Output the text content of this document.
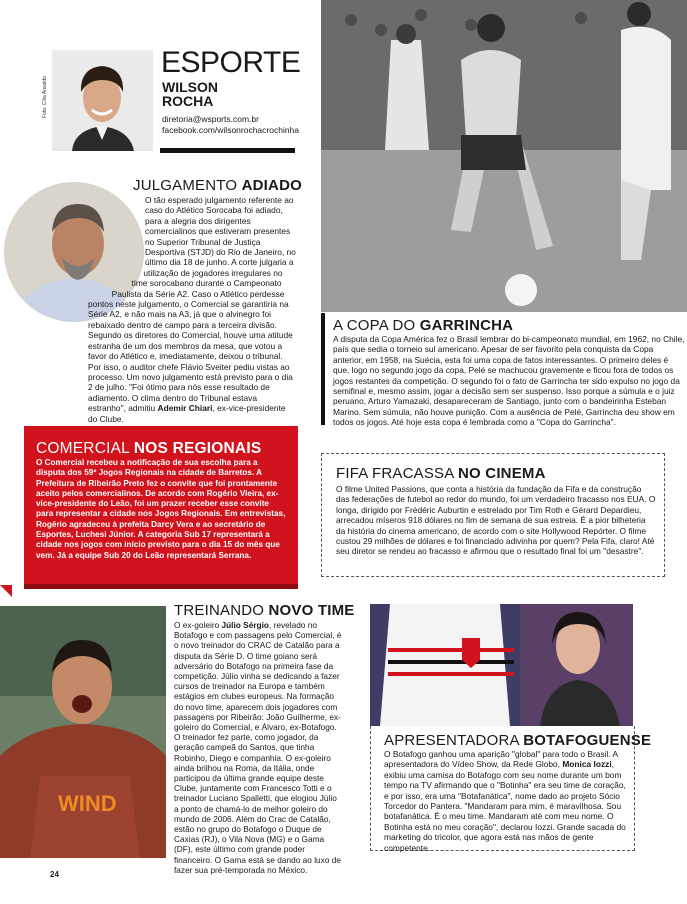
Foto: Cília Ansaldo
ESPORTE
WILSON
ROCHA
diretoria@wsports.com.br
facebook.com/wilsonrochacrochinha
JULGAMENTO ADIADO
O tão esperado julgamento referente ao caso do Atlético Sorocaba foi adiado, para a alegria dos dirigentes comercialinos que estiveram presentes no Superior Tribunal de Justiça Desportiva (STJD) do Rio de Janeiro, no último dia 18 de junho. A corte julgaria a utilização de jogadores irregulares no time sorocabano durante o Campeonato Paulista da Série A2. Caso o Atlético perdesse pontos neste julgamento, o Comercial se garantiria na Série A2, e não mais na A3, já que o alvinegro foi rebaixado dentro de campo para a terceira divisão. Segundo os diretores do Comercial, houve uma atitude estranha de um dos membros da mesa, que votou a favor do Atlético e, imediatamente, deixou o tribunal. Por isso, o auditor chefe Flávio Sveiter pediu vistas ao processo. Um novo julgamento está previsto para o dia 2 de julho. "Foi ótimo para nós esse resultado de adiamento. O clima dentro do Tribunal estava estranho", admitiu Ademir Chiari, ex-vice-presidente do Clube.
A COPA DO GARRINCHA
A disputa da Copa América fez o Brasil lembrar do bi-campeonato mundial, em 1962, no Chile, país que sedia o torneio sul americano. Apesar de ser favorito pela conquista da Copa anterior, em 1958, na Suécia, esta foi uma copa de fatos interessantes. O primeiro deles é que, logo no segundo jogo da copa, Pelé se machucou gravemente e ficou fora de todos os jogos restantes da competição. O segundo foi o fato de Garrincha ter sido expulso no jogo da semifinal e, mesmo assim, jogar a decisão sem ser suspenso. Isso porque a súmula e o juiz peruano, Arturo Yamazaki, desapareceram de Santiago, junto com o bandeirinha Esteban Marino. Sem súmula, não houve punição. Com a ausência de Pelé, Garrincha deu show em todos os jogos. Até hoje esta copa é lembrada como a "Copa do Garrincha".
COMERCIAL NOS REGIONAIS
O Comercial recebeu a notificação de sua escolha para a disputa dos 59º Jogos Regionais na cidade de Barretos. A Prefeitura de Ribeirão Preto fez o convite que foi prontamente aceito pelos comercialinos. De acordo com Rogério Vieira, ex-vice-presidente do Leão, foi um prazer receber esse convite para representar a cidade nos Jogos Regionais. Em entrevistas, Rogério agradeceu à prefeita Darcy Vera e ao secretário de Esportes, Luchesi Júnior. A categoria Sub 17 representará a cidade nos jogos com início previsto para o dia 15 do mês que vem. Já a equipe Sub 20 do Leão representará Serrana.
FIFA FRACASSA NO CINEMA
O filme United Passions, que conta a história da fundação da Fifa e da construção das federações de futebol ao redor do mundo, foi um verdadeiro fracasso nos EUA. O longa, dirigido por Frédéric Auburtin e estrelado por Tim Roth e Gérard Depardieu, arrecadou míseros 918 dólares no fim de semana de sua estreia. É a pior bilheteria da história do cinema americano, de acordo com o site Hollywood Repórter. O filme custou 29 milhões de dólares e foi financiado adivinha por quem? Pela Fifa, claro! Até seu diretor se rendeu ao fracasso e afirmou que o resultado final foi um "desastre".
WIND
TREINANDO NOVO TIME
O ex-goleiro Júlio Sérgio, revelado no Botafogo e com passagens pelo Comercial, é o novo treinador do CRAC de Catalão para a disputa da Série D. O time goiano será adversário do Botafogo na primeira fase da competição. Júlio vinha se dedicando a fazer cursos de treinador na Europa e também estágios em clubes europeus. Na formação do novo time, aparecem dois jogadores com passagens por Ribeirão: João Guilherme, ex-goleiro do Comercial, e Álvaro, ex-Botafogo. O treinador fez parte, como jogador, da geração campeã do Santos, que tinha Robinho, Diego e companhia. O ex-goleiro ainda brilhou na Roma, da Itália, onde participou da última grande equipe deste Clube, juntamente com Francesco Totti e o treinador Luciano Spalletti, que elogiou Júlio a ponto de chamá-lo de melhor goleiro do mundo de 2006. Além do Crac de Catalão, estão no grupo do Botafogo o Duque de Caxias (RJ), o Vila Nova (MG) e o Gama (DF), este último com grande poder financeiro. O Gama está se dando ao luxo de fazer sua pré-temporada no México.
APRESENTADORA BOTAFOGUENSE
O Botafogo ganhou uma aparição "global" para todo o Brasil. A apresentadora do Vídeo Show, da Rede Globo, Monica Iozzi, exibiu uma camisa do Botafogo com seu nome durante um bom tempo na TV afirmando que o "Botinha" era seu time de coração, e por isso, era uma "Botafanática", nome dado ao projeto Sócio Torcedor do Pantera. "Mandaram para mim, é maravilhosa. Sou botafanática. É o meu time. Mandaram até com meu nome. O Botinha está no meu coração", declarou Iozzi. Grande sacada do marketing do tricolor, que agora está nas mãos de gente competente.
24
